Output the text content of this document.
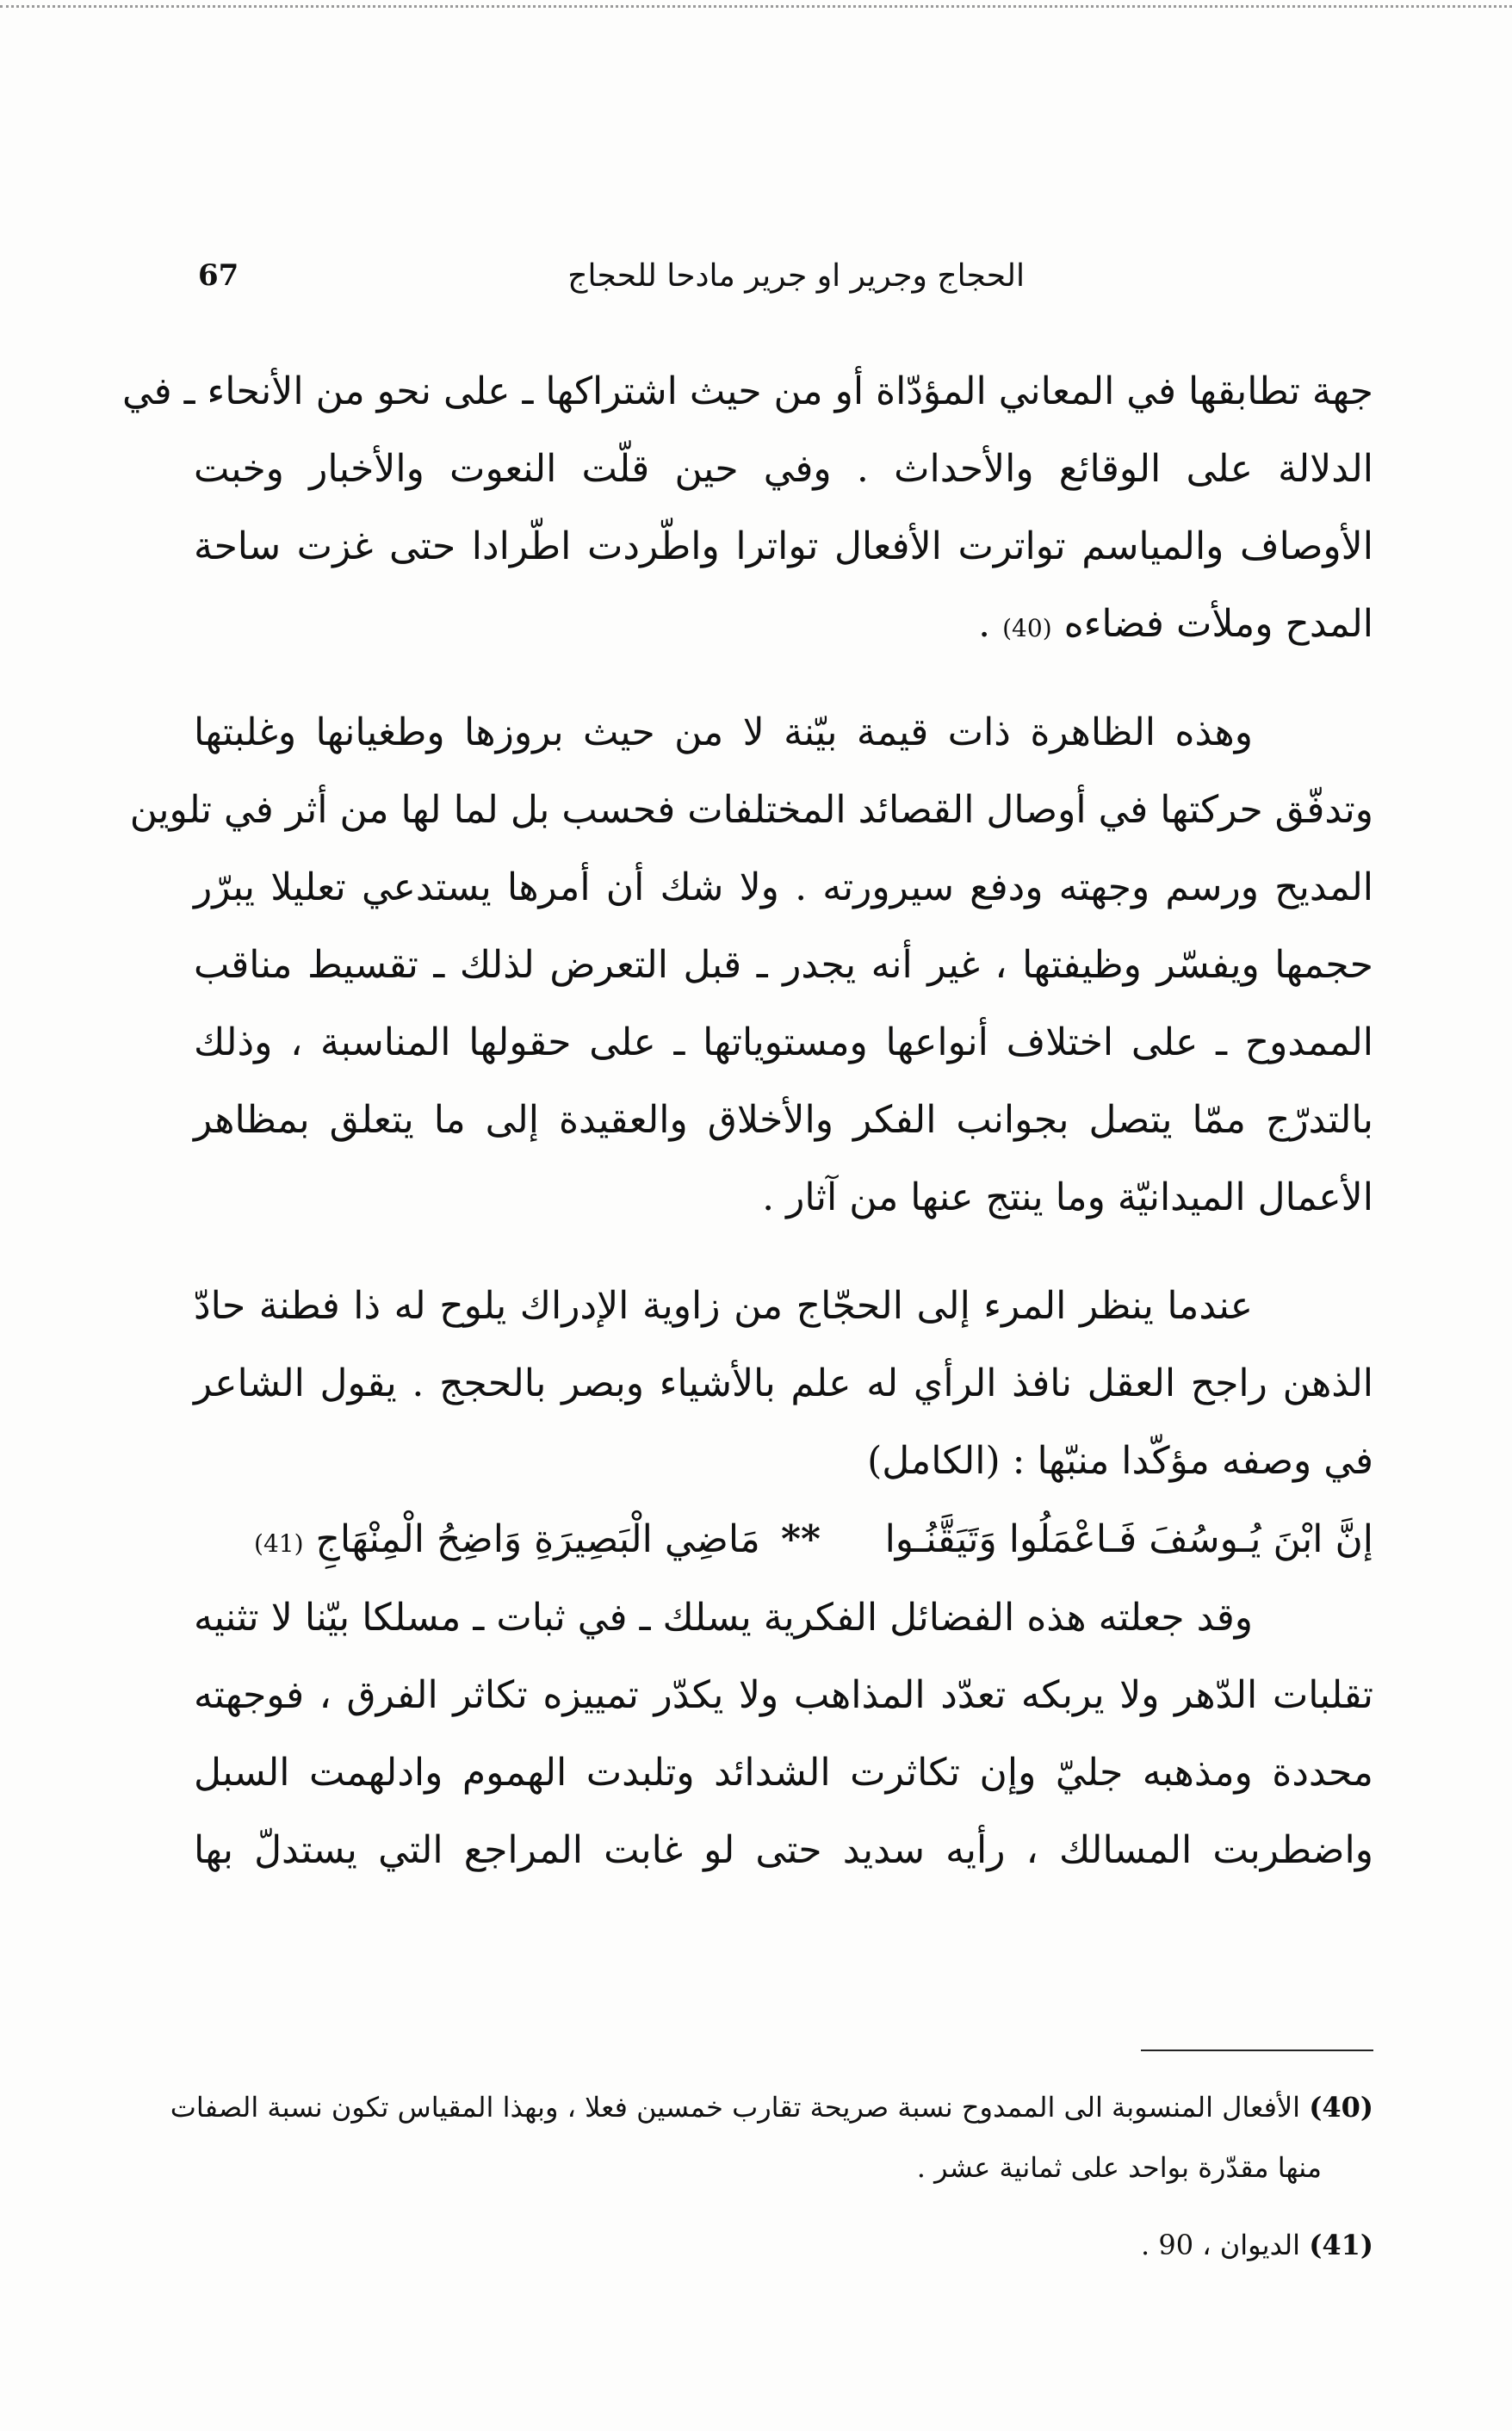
67	الحجاج وجرير او جرير مادحا للحجاج
جهة تطابقها في المعاني المؤدّاة أو من حيث اشتراكها ـ على نحو من الأنحاء ـ في
الدلالة على الوقائع والأحداث . وفي حين قلّت النعوت والأخبار وخبت
الأوصاف والمياسم تواترت الأفعال تواترا واطّردت اطّرادا حتى غزت ساحة
المدح وملأت فضاءه (40) .
وهذه الظاهرة ذات قيمة بيّنة لا من حيث بروزها وطغيانها وغلبتها
وتدفّق حركتها في أوصال القصائد المختلفات فحسب بل لما لها من أثر في تلوين
المديح ورسم وجهته ودفع سيرورته . ولا شك أن أمرها يستدعي تعليلا يبرّر
حجمها ويفسّر وظيفتها ، غير أنه يجدر ـ قبل التعرض لذلك ـ تقسيط مناقب
الممدوح ـ على اختلاف أنواعها ومستوياتها ـ على حقولها المناسبة ، وذلك
بالتدرّج ممّا يتصل بجوانب الفكر والأخلاق والعقيدة إلى ما يتعلق بمظاهر
الأعمال الميدانيّة وما ينتج عنها من آثار .
عندما ينظر المرء إلى الحجّاج من زاوية الإدراك يلوح له ذا فطنة حادّ
الذهن راجح العقل نافذ الرأي له علم بالأشياء وبصر بالحجج . يقول الشاعر
في وصفه مؤكّدا منبّها : (الكامل)
إنَّ ابْنَ يُـوسُفَ فَـاعْمَلُوا وَتَيَقَّنُـوا**مَاضِي الْبَصِيرَةِ وَاضِحُ الْمِنْهَاجِ (41)
وقد جعلته هذه الفضائل الفكرية يسلك ـ في ثبات ـ مسلكا بيّنا لا تثنيه
تقلبات الدّهر ولا يربكه تعدّد المذاهب ولا يكدّر تمييزه تكاثر الفرق ، فوجهته
محددة ومذهبه جليّ وإن تكاثرت الشدائد وتلبدت الهموم وادلهمت السبل
واضطربت المسالك ، رأيه سديد حتى لو غابت المراجع التي يستدلّ بها
(40) الأفعال المنسوبة الى الممدوح نسبة صريحة تقارب خمسين فعلا ، وبهذا المقياس تكون نسبة الصفات
منها مقدّرة بواحد على ثمانية عشر .
(41) الديوان ، 90 .
